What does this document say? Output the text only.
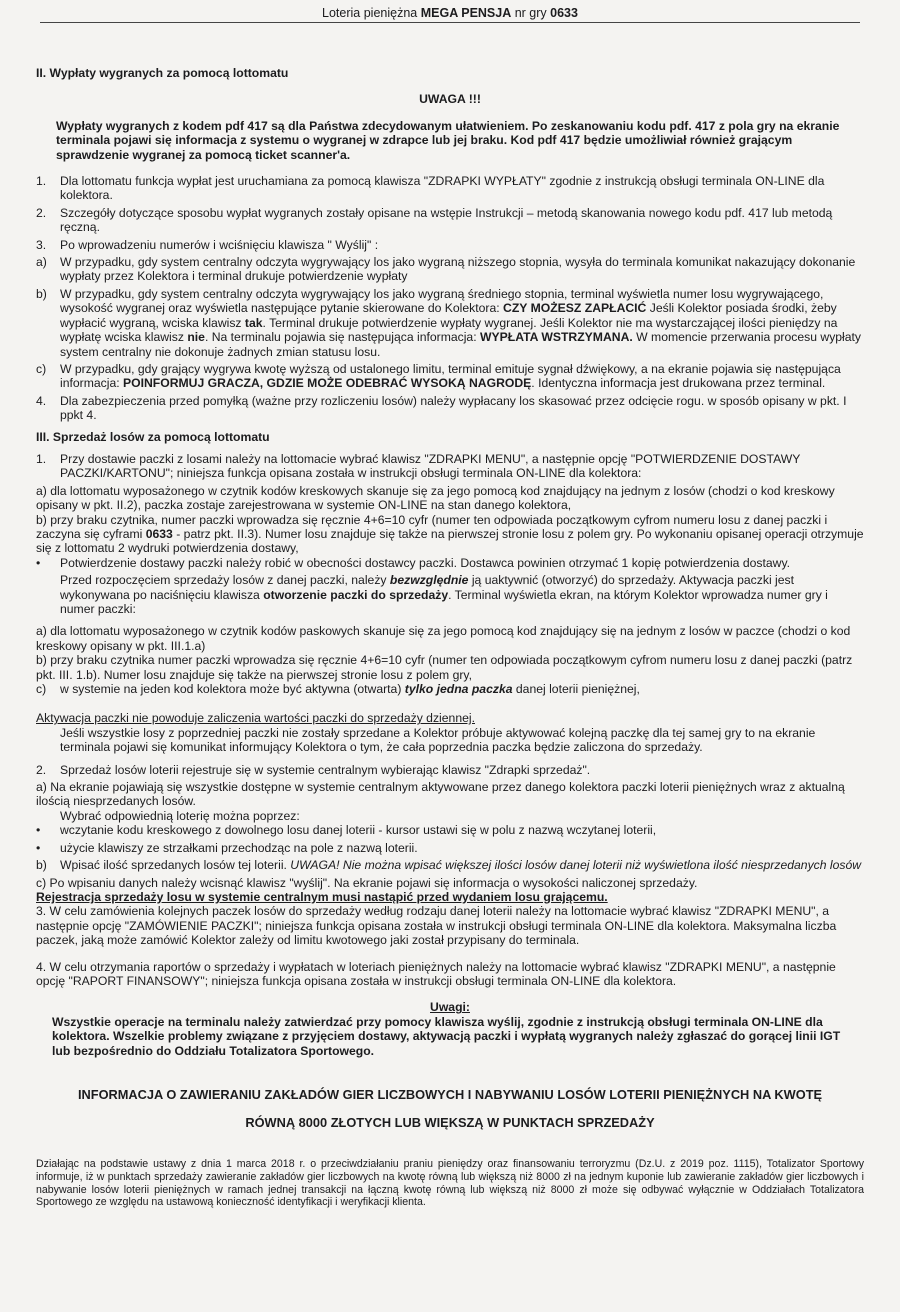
Loteria pieniężna MEGA PENSJA nr gry 0633

II. Wypłaty wygranych za pomocą lottomatu

UWAGA !!!

Wypłaty wygranych z kodem pdf 417 są dla Państwa zdecydowanym ułatwieniem. Po zeskanowaniu kodu pdf. 417 z pola gry na ekranie terminala pojawi się informacja z systemu o wygranej w zdrapce lub jej braku. Kod pdf 417 będzie umożliwiał również grającym sprawdzenie wygranej za pomocą ticket scanner'a.

1.	Dla lottomatu funkcja wypłat jest uruchamiana za pomocą klawisza "ZDRAPKI WYPŁATY" zgodnie z instrukcją obsługi terminala ON-LINE dla kolektora.
2.	Szczegóły dotyczące sposobu wypłat wygranych zostały opisane na wstępie Instrukcji – metodą skanowania nowego kodu pdf. 417 lub metodą ręczną.
3.	Po wprowadzeniu numerów i wciśnięciu klawisza " Wyślij" :
a)	W przypadku, gdy system centralny odczyta wygrywający los jako wygraną niższego stopnia, wysyła do terminala komunikat nakazujący dokonanie wypłaty przez Kolektora i terminal drukuje potwierdzenie wypłaty
b)	W przypadku, gdy system centralny odczyta wygrywający los jako wygraną średniego stopnia, terminal wyświetla numer losu wygrywającego, wysokość wygranej oraz wyświetla następujące pytanie skierowane do Kolektora: CZY MOŻESZ ZAPŁACIĆ Jeśli Kolektor posiada środki, żeby wypłacić wygraną, wciska klawisz tak. Terminal drukuje potwierdzenie wypłaty wygranej. Jeśli Kolektor nie ma wystarczającej ilości pieniędzy na wypłatę wciska klawisz nie. Na terminalu pojawia się następująca informacja: WYPŁATA WSTRZYMANA. W momencie przerwania procesu wypłaty system centralny nie dokonuje żadnych zmian statusu losu.
c)	W przypadku, gdy grający wygrywa kwotę wyższą od ustalonego limitu, terminal emituje sygnał dźwiękowy, a na ekranie pojawia się następująca informacja: POINFORMUJ GRACZA, GDZIE MOŻE ODEBRAĆ WYSOKĄ NAGRODĘ. Identyczna informacja jest drukowana przez terminal.
4.	Dla zabezpieczenia przed pomyłką (ważne przy rozliczeniu losów) należy wypłacany los skasować przez odcięcie rogu. w sposób opisany w pkt. I ppkt 4.

III. Sprzedaż losów za pomocą lottomatu

1.	Przy dostawie paczki z losami należy na lottomacie wybrać klawisz "ZDRAPKI MENU", a następnie opcję "POTWIERDZENIE DOSTAWY PACZKI/KARTONU"; niniejsza funkcja opisana została w instrukcji obsługi terminala ON-LINE dla kolektora:

a) dla lottomatu wyposażonego w czytnik kodów kreskowych skanuje się za jego pomocą kod znajdujący na jednym z losów (chodzi o kod kreskowy opisany w pkt. II.2), paczka zostaje zarejestrowana w systemie ON-LINE na stan danego kolektora,

b) przy braku czytnika, numer paczki wprowadza się ręcznie 4+6=10 cyfr (numer ten odpowiada początkowym cyfrom numeru losu z danej paczki i zaczyna się cyframi 0633 - patrz pkt. II.3). Numer losu znajduje się także na pierwszej stronie losu z polem gry. Po wykonaniu opisanej operacji otrzymuje się z lottomatu 2 wydruki potwierdzenia dostawy,

•	Potwierdzenie dostawy paczki należy robić w obecności dostawcy paczki. Dostawca powinien otrzymać 1 kopię potwierdzenia dostawy.

Przed rozpoczęciem sprzedaży losów z danej paczki, należy bezwzględnie ją uaktywnić (otworzyć) do sprzedaży. Aktywacja paczki jest wykonywana po naciśnięciu klawisza otworzenie paczki do sprzedaży. Terminal wyświetla ekran, na którym Kolektor wprowadza numer gry i numer paczki:

a) dla lottomatu wyposażonego w czytnik kodów paskowych skanuje się za jego pomocą kod znajdujący się na jednym z losów w paczce (chodzi o kod kreskowy opisany w pkt. III.1.a)

b) przy braku czytnika numer paczki wprowadza się ręcznie 4+6=10 cyfr (numer ten odpowiada początkowym cyfrom numeru losu z danej paczki (patrz pkt. III. 1.b). Numer losu znajduje się także na pierwszej stronie losu z polem gry,

c)	w systemie na jeden kod kolektora może być aktywna (otwarta) tylko jedna paczka danej loterii pieniężnej,

Aktywacja paczki nie powoduje zaliczenia wartości paczki do sprzedaży dziennej.

Jeśli wszystkie losy z poprzedniej paczki nie zostały sprzedane a Kolektor próbuje aktywować kolejną paczkę dla tej samej gry to na ekranie terminala pojawi się komunikat informujący Kolektora o tym, że cała poprzednia paczka będzie zaliczona do sprzedaży.

2.	Sprzedaż losów loterii rejestruje się w systemie centralnym wybierając klawisz "Zdrapki sprzedaż".

a) Na ekranie pojawiają się wszystkie dostępne w systemie centralnym aktywowane przez danego kolektora paczki loterii pieniężnych wraz z aktualną ilością niesprzedanych losów.

Wybrać odpowiednią loterię można poprzez:

•	wczytanie kodu kreskowego z dowolnego losu danej loterii - kursor ustawi się w polu z nazwą wczytanej loterii,
•	użycie klawiszy ze strzałkami przechodząc na pole z nazwą loterii.
b)	Wpisać ilość sprzedanych losów tej loterii. UWAGA! Nie można wpisać większej ilości losów danej loterii niż wyświetlona ilość niesprzedanych losów

c) Po wpisaniu danych należy wcisnąć klawisz "wyślij". Na ekranie pojawi się informacja o wysokości naliczonej sprzedaży.

Rejestracja sprzedaży losu w systemie centralnym musi nastąpić przed wydaniem losu grającemu.

3. W celu zamówienia kolejnych paczek losów do sprzedaży według rodzaju danej loterii należy na lottomacie wybrać klawisz "ZDRAPKI MENU", a następnie opcję "ZAMÓWIENIE PACZKI"; niniejsza funkcja opisana została w instrukcji obsługi terminala ON-LINE dla kolektora. Maksymalna liczba paczek, jaką może zamówić Kolektor zależy od limitu kwotowego jaki został przypisany do terminala.

4. W celu otrzymania raportów o sprzedaży i wypłatach w loteriach pieniężnych należy na lottomacie wybrać klawisz "ZDRAPKI MENU", a następnie opcję "RAPORT FINANSOWY"; niniejsza funkcja opisana została w instrukcji obsługi terminala ON-LINE dla kolektora.

Uwagi:

Wszystkie operacje na terminalu należy zatwierdzać przy pomocy klawisza wyślij, zgodnie z instrukcją obsługi terminala ON-LINE dla kolektora. Wszelkie problemy związane z przyjęciem dostawy, aktywacją paczki i wypłatą wygranych należy zgłaszać do gorącej linii IGT lub bezpośrednio do Oddziału Totalizatora Sportowego.

INFORMACJA O ZAWIERANIU ZAKŁADÓW GIER LICZBOWYCH I NABYWANIU LOSÓW LOTERII PIENIĘŻNYCH NA KWOTĘ

RÓWNĄ 8000 ZŁOTYCH LUB WIĘKSZĄ W PUNKTACH SPRZEDAŻY

Działając na podstawie ustawy z dnia 1 marca 2018 r. o przeciwdziałaniu praniu pieniędzy oraz finansowaniu terroryzmu (Dz.U. z 2019 poz. 1115), Totalizator Sportowy informuje, iż w punktach sprzedaży zawieranie zakładów gier liczbowych na kwotę równą lub większą niż 8000 zł na jednym kuponie lub zawieranie zakładów gier liczbowych i nabywanie losów loterii pieniężnych w ramach jednej transakcji na łączną kwotę równą lub większą niż 8000 zł może się odbywać wyłącznie w Oddziałach Totalizatora Sportowego ze względu na ustawową konieczność identyfikacji i weryfikacji klienta.
